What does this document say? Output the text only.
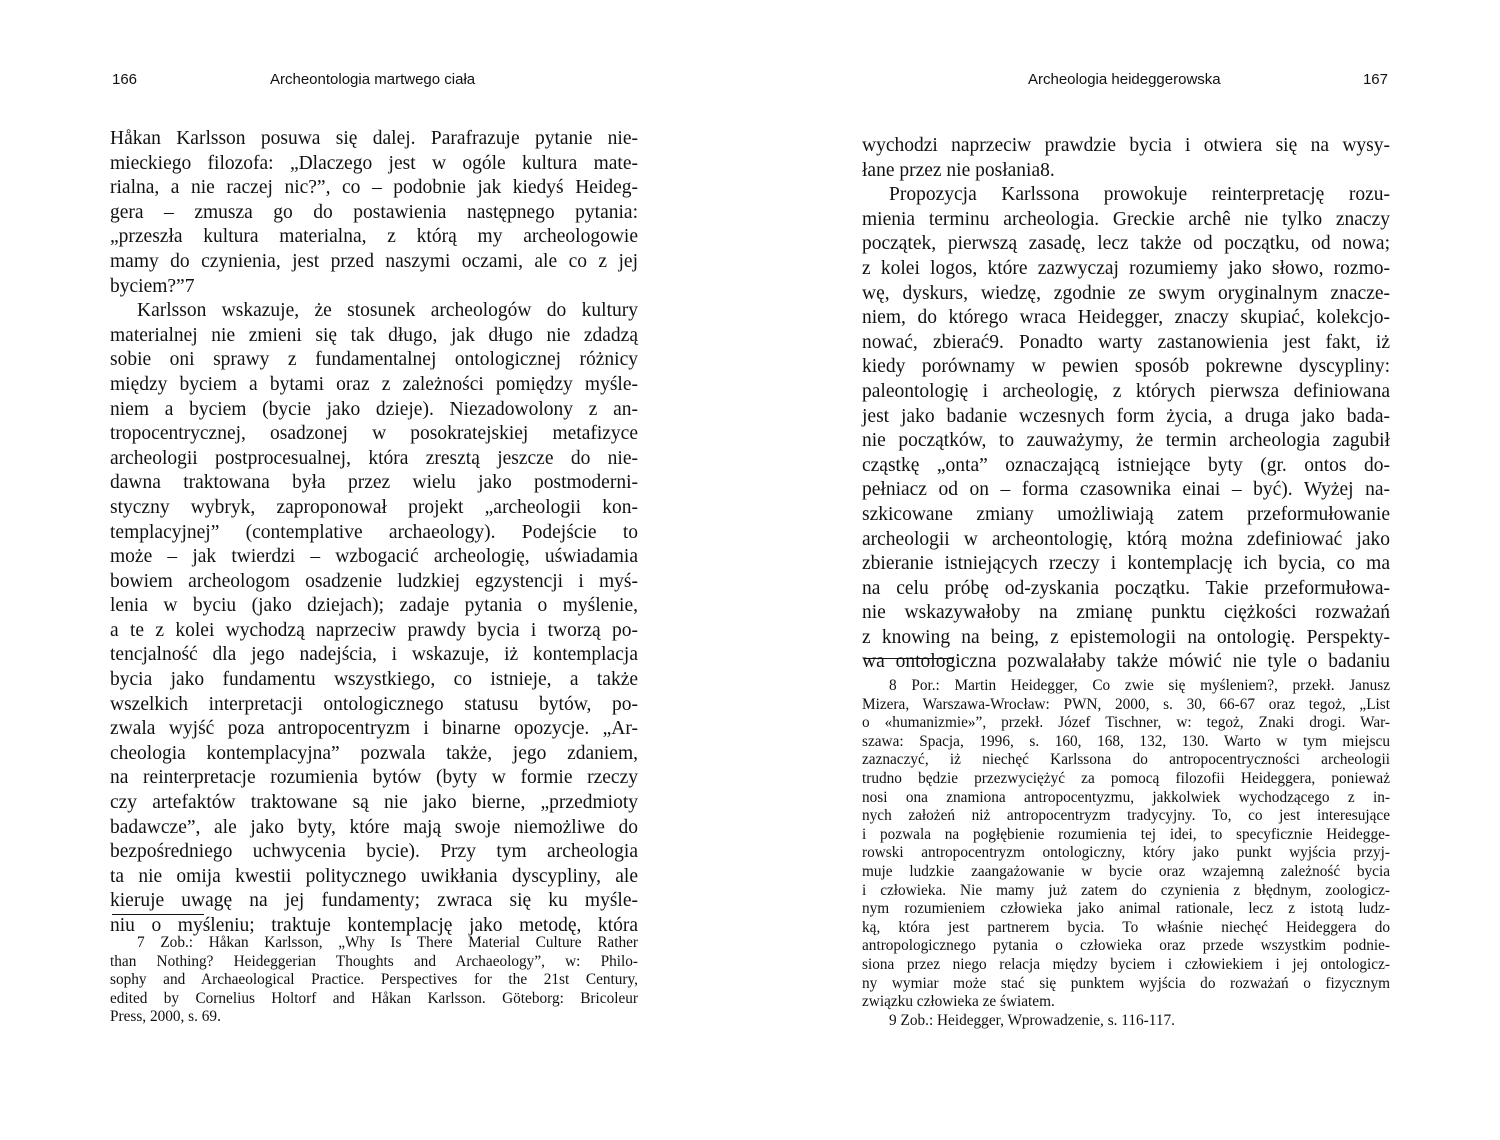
166	Archeontologia martwego ciała
Håkan Karlsson posuwa się dalej. Parafrazuje pytanie nie-
mieckiego filozofa: „Dlaczego jest w ogóle kultura mate-
rialna, a nie raczej nic?”, co – podobnie jak kiedyś Heideg-
gera – zmusza go do postawienia następnego pytania:
„przeszła kultura materialna, z którą my archeologowie
mamy do czynienia, jest przed naszymi oczami, ale co z jej
byciem?”7
Karlsson wskazuje, że stosunek archeologów do kultury
materialnej nie zmieni się tak długo, jak długo nie zdadzą
sobie oni sprawy z fundamentalnej ontologicznej różnicy
między byciem a bytami oraz z zależności pomiędzy myśle-
niem a byciem (bycie jako dzieje). Niezadowolony z an-
tropocentrycznej, osadzonej w posokratejskiej metafizyce
archeologii postprocesualnej, która zresztą jeszcze do nie-
dawna traktowana była przez wielu jako postmoderni-
styczny wybryk, zaproponował projekt „archeologii kon-
templacyjnej” (contemplative archaeology). Podejście to
może – jak twierdzi – wzbogacić archeologię, uświadamia
bowiem archeologom osadzenie ludzkiej egzystencji i myś-
lenia w byciu (jako dziejach); zadaje pytania o myślenie,
a te z kolei wychodzą naprzeciw prawdy bycia i tworzą po-
tencjalność dla jego nadejścia, i wskazuje, iż kontemplacja
bycia jako fundamentu wszystkiego, co istnieje, a także
wszelkich interpretacji ontologicznego statusu bytów, po-
zwala wyjść poza antropocentryzm i binarne opozycje. „Ar-
cheologia kontemplacyjna” pozwala także, jego zdaniem,
na reinterpretacje rozumienia bytów (byty w formie rzeczy
czy artefaktów traktowane są nie jako bierne, „przedmioty
badawcze”, ale jako byty, które mają swoje niemożliwe do
bezpośredniego uchwycenia bycie). Przy tym archeologia
ta nie omija kwestii politycznego uwikłania dyscypliny, ale
kieruje uwagę na jej fundamenty; zwraca się ku myśle-
niu o myśleniu; traktuje kontemplację jako metodę, która
7 Zob.: Håkan Karlsson, „Why Is There Material Culture Rather
than Nothing? Heideggerian Thoughts and Archaeology”, w: Philo-
sophy and Archaeological Practice. Perspectives for the 21st Century,
edited by Cornelius Holtorf and Håkan Karlsson. Göteborg: Bricoleur
Press, 2000, s. 69.
Archeologia heideggerowska	167
wychodzi naprzeciw prawdzie bycia i otwiera się na wysy-
łane przez nie posłania8.
Propozycja Karlssona prowokuje reinterpretację rozu-
mienia terminu archeologia. Greckie archê nie tylko znaczy
początek, pierwszą zasadę, lecz także od początku, od nowa;
z kolei logos, które zazwyczaj rozumiemy jako słowo, rozmo-
wę, dyskurs, wiedzę, zgodnie ze swym oryginalnym znacze-
niem, do którego wraca Heidegger, znaczy skupiać, kolekcjo-
nować, zbierać9. Ponadto warty zastanowienia jest fakt, iż
kiedy porównamy w pewien sposób pokrewne dyscypliny:
paleontologię i archeologię, z których pierwsza definiowana
jest jako badanie wczesnych form życia, a druga jako bada-
nie początków, to zauważymy, że termin archeologia zagubił
cząstkę „onta” oznaczającą istniejące byty (gr. ontos do-
pełniacz od on – forma czasownika einai – być). Wyżej na-
szkicowane zmiany umożliwiają zatem przeformułowanie
archeologii w archeontologię, którą można zdefiniować jako
zbieranie istniejących rzeczy i kontemplację ich bycia, co ma
na celu próbę od-zyskania początku. Takie przeformułowa-
nie wskazywałoby na zmianę punktu ciężkości rozważań
z knowing na being, z epistemologii na ontologię. Perspekty-
wa ontologiczna pozwalałaby także mówić nie tyle o badaniu
8 Por.: Martin Heidegger, Co zwie się myśleniem?, przekł. Janusz
Mizera, Warszawa-Wrocław: PWN, 2000, s. 30, 66-67 oraz tegoż, „List
o «humanizmie»”, przekł. Józef Tischner, w: tegoż, Znaki drogi. War-
szawa: Spacja, 1996, s. 160, 168, 132, 130. Warto w tym miejscu
zaznaczyć, iż niechęć Karlssona do antropocentryczności archeologii
trudno będzie przezwyciężyć za pomocą filozofii Heideggera, ponieważ
nosi ona znamiona antropocentyzmu, jakkolwiek wychodzącego z in-
nych założeń niż antropocentryzm tradycyjny. To, co jest interesujące
i pozwala na pogłębienie rozumienia tej idei, to specyficznie Heidegge-
rowski antropocentryzm ontologiczny, który jako punkt wyjścia przyj-
muje ludzkie zaangażowanie w bycie oraz wzajemną zależność bycia
i człowieka. Nie mamy już zatem do czynienia z błędnym, zoologicz-
nym rozumieniem człowieka jako animal rationale, lecz z istotą ludz-
ką, która jest partnerem bycia. To właśnie niechęć Heideggera do
antropologicznego pytania o człowieka oraz przede wszystkim podnie-
siona przez niego relacja między byciem i człowiekiem i jej ontologicz-
ny wymiar może stać się punktem wyjścia do rozważań o fizycznym
związku człowieka ze światem.
9 Zob.: Heidegger, Wprowadzenie, s. 116-117.
